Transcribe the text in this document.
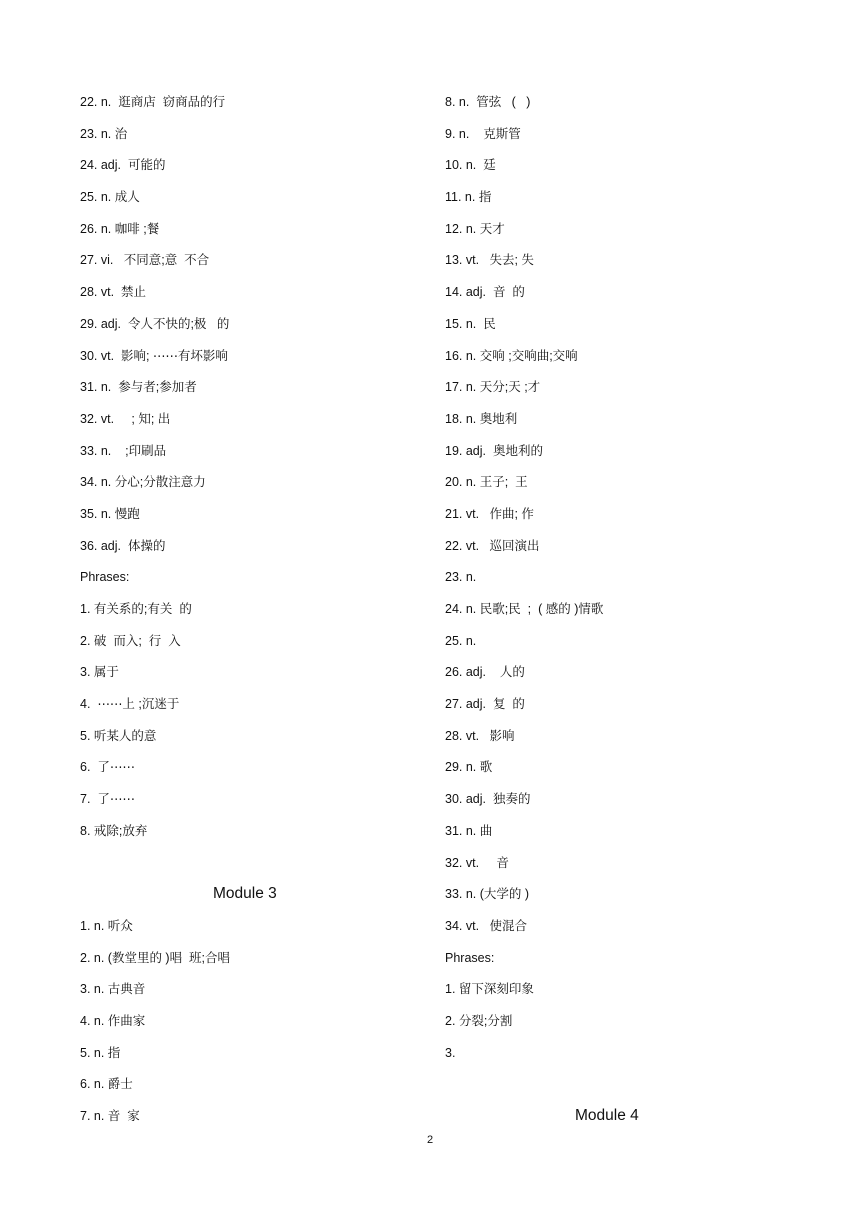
22. n.  逛商店  窃商品的行
23. n. 治
24. adj.  可能的
25. n. 成人
26. n. 咖啡 ;餐
27. vi.   不同意;意  不合
28. vt.  禁止
29. adj.  令人不快的;极   的
30. vt.  影响; ⋯⋯有坏影响
31. n.  参与者;参加者
32. vt.     ; 知; 出
33. n.    ;印刷品
34. n. 分心;分散注意力
35. n. 慢跑
36. adj.  体操的
Phrases:
1. 有关系的;有关  的
2. 破  而入;  行  入
3. 属于
4.  ⋯⋯上 ;沉迷于
5. 听某人的意
6.  了⋯⋯
7.  了⋯⋯
8. 戒除;放弃
Module 3
1. n. 听众
2. n. (教堂里的 )唱  班;合唱
3. n. 古典音
4. n. 作曲家
5. n. 指
6. n. 爵士
7. n. 音  家
8. n.  管弦   (   )
9. n.    克斯管
10. n.  廷
11. n. 指
12. n. 天才
13. vt.   失去; 失
14. adj.  音  的
15. n.  民
16. n. 交响 ;交响曲;交响
17. n. 天分;天 ;才
18. n. 奥地利
19. adj.  奥地利的
20. n. 王子;  王
21. vt.   作曲; 作
22. vt.   巡回演出
23. n.
24. n. 民歌;民  ;  ( 感的 )情歌
25. n.
26. adj.    人的
27. adj.  复  的
28. vt.   影响
29. n. 歌
30. adj.  独奏的
31. n. 曲
32. vt.     音
33. n. (大学的 )
34. vt.   使混合
Phrases:
1. 留下深刻印象
2. 分裂;分割
3.
Module 4
2
